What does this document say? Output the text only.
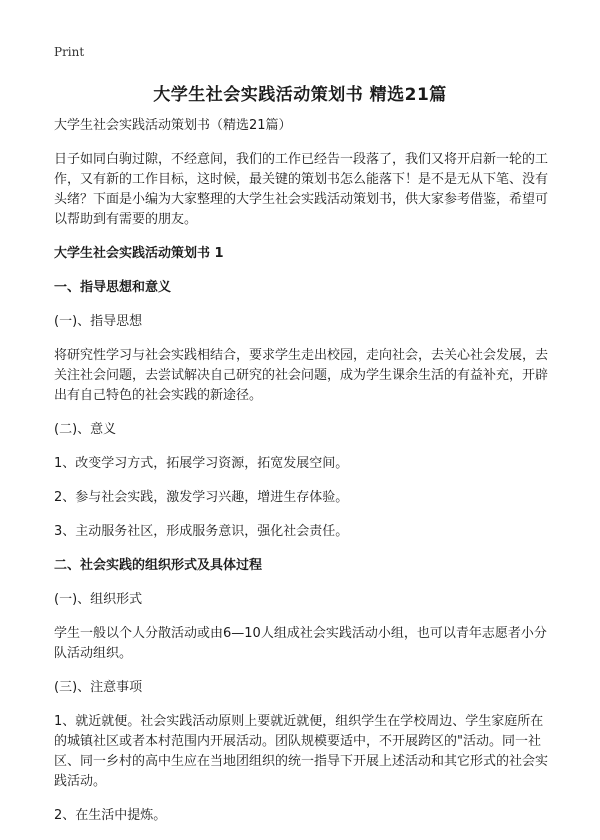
Print
大学生社会实践活动策划书 精选21篇

大学生社会实践活动策划书（精选21篇）

日子如同白驹过隙，不经意间，我们的工作已经告一段落了，我们又将开启新一轮的工作，又有新的工作目标，这时候，最关键的策划书怎么能落下！是不是无从下笔、没有头绪？下面是小编为大家整理的大学生社会实践活动策划书，供大家参考借鉴，希望可以帮助到有需要的朋友。

大学生社会实践活动策划书 1

一、指导思想和意义

(一)、指导思想

将研究性学习与社会实践相结合，要求学生走出校园，走向社会，去关心社会发展，去关注社会问题，去尝试解决自己研究的社会问题，成为学生课余生活的有益补充，开辟出有自己特色的社会实践的新途径。

(二)、意义

1、改变学习方式，拓展学习资源，拓宽发展空间。

2、参与社会实践，激发学习兴趣，增进生存体验。

3、主动服务社区，形成服务意识，强化社会责任。

二、社会实践的组织形式及具体过程

(一)、组织形式

学生一般以个人分散活动或由6—10人组成社会实践活动小组，也可以青年志愿者小分队活动组织。

(三)、注意事项

1、就近就便。社会实践活动原则上要就近就便，组织学生在学校周边、学生家庭所在的城镇社区或者本村范围内开展活动。团队规模要适中，不开展跨区的"活动。同一社区、同一乡村的高中生应在当地团组织的统一指导下开展上述活动和其它形式的社会实践活动。

2、在生活中提炼。
